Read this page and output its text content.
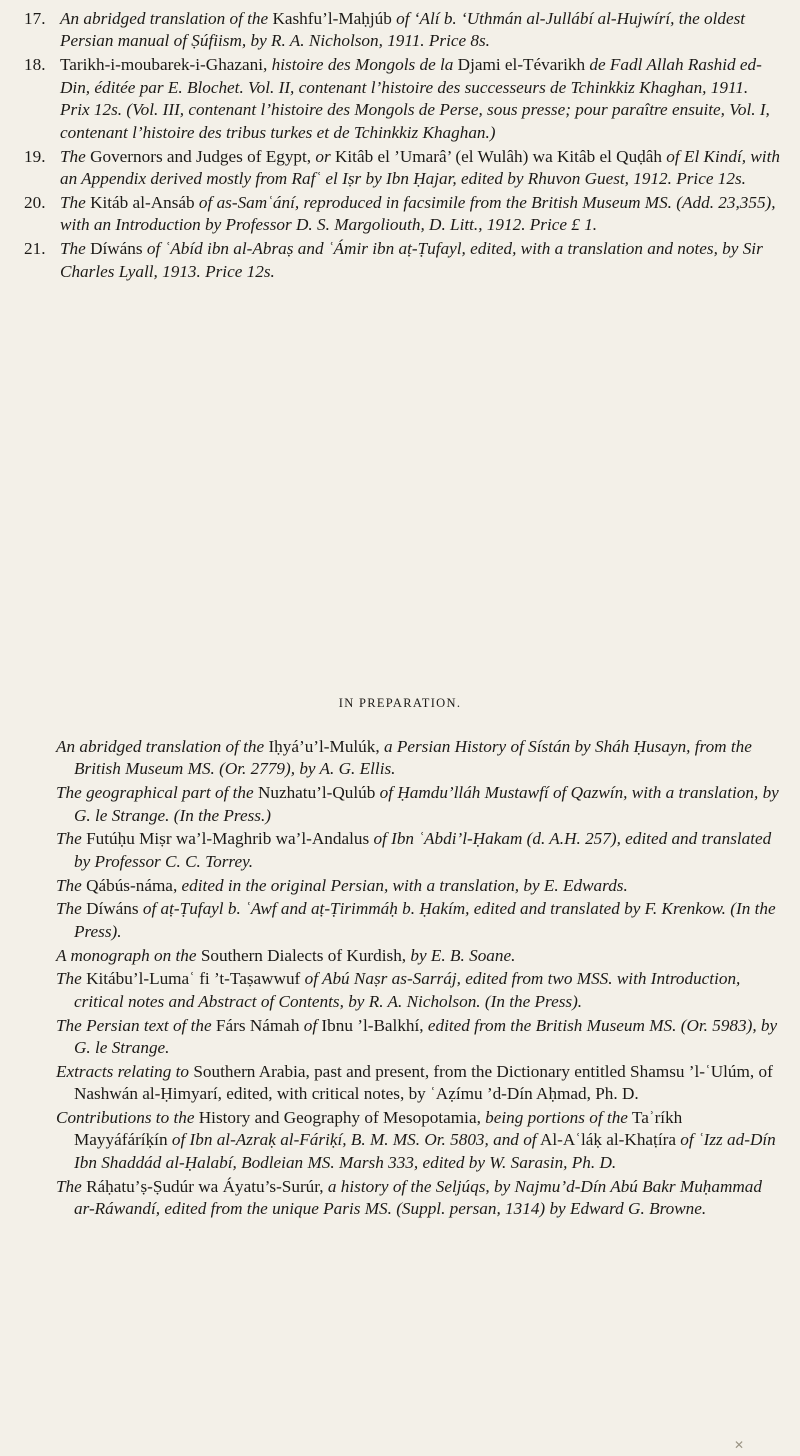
17. An abridged translation of the Kashfu’l-Maḥjúb of ‘Alí b. ‘Uthmán al-Jullábí al-Hujwírí, the oldest Persian manual of Ṣúfiism, by R. A. Nicholson, 1911. Price 8s.

18. Tarikh-i-moubarek-i-Ghazani, histoire des Mongols de la Djami el-Tévarikh de Fadl Allah Rashid ed-Din, éditée par E. Blochet. Vol. II, contenant l’histoire des successeurs de Tchinkkiz Khaghan, 1911. Prix 12s. (Vol. III, contenant l’histoire des Mongols de Perse, sous presse; pour paraître ensuite, Vol. I, contenant l’histoire des tribus turkes et de Tchinkkiz Khaghan.)

19. The Governors and Judges of Egypt, or Kitâb el ’Umarâ’ (el Wulâh) wa Kitâb el Quḍâh of El Kindí, with an Appendix derived mostly from Rafʿ el Iṣr by Ibn Ḥajar, edited by Rhuvon Guest, 1912. Price 12s.

20. The Kitáb al-Ansáb of as-Samʿání, reproduced in facsimile from the British Museum MS. (Add. 23,355), with an Introduction by Professor D. S. Margoliouth, D. Litt., 1912. Price £ 1.

21. The Díwáns of ʿAbíd ibn al-Abraṣ and ʿÁmir ibn aṭ-Ṭufayl, edited, with a translation and notes, by Sir Charles Lyall, 1913. Price 12s.

IN PREPARATION.

An abridged translation of the Iḥyá’u’l-Mulúk, a Persian History of Sístán by Sháh Ḥusayn, from the British Museum MS. (Or. 2779), by A. G. Ellis.

The geographical part of the Nuzhatu’l-Qulúb of Ḥamdu’lláh Mustawfí of Qazwín, with a translation, by G. le Strange. (In the Press.)

The Futúḥu Miṣr wa’l-Maghrib wa’l-Andalus of Ibn ʿAbdi’l-Ḥakam (d. A.H. 257), edited and translated by Professor C. C. Torrey.

The Qábús-náma, edited in the original Persian, with a translation, by E. Edwards.

The Díwáns of aṭ-Ṭufayl b. ʿAwf and aṭ-Ṭirimmáḥ b. Ḥakím, edited and translated by F. Krenkow. (In the Press).

A monograph on the Southern Dialects of Kurdish, by E. B. Soane.

The Kitábu’l-Lumaʿ fi ’t-Taṣawwuf of Abú Naṣr as-Sarráj, edited from two MSS. with Introduction, critical notes and Abstract of Contents, by R. A. Nicholson. (In the Press).

The Persian text of the Fárs Námah of Ibnu ’l-Balkhí, edited from the British Museum MS. (Or. 5983), by G. le Strange.

Extracts relating to Southern Arabia, past and present, from the Dictionary entitled Shamsu ’l-ʿUlúm, of Nashwán al-Ḥimyarí, edited, with critical notes, by ʿAẓímu ’d-Dín Aḥmad, Ph. D.

Contributions to the History and Geography of Mesopotamia, being portions of the Taʾríkh Mayyáfáríḳín of Ibn al-Azraḳ al-Fáriḳí, B. M. MS. Or. 5803, and of Al-Aʿláḳ al-Khaṭíra of ʿIzz ad-Dín Ibn Shaddád al-Ḥalabí, Bodleian MS. Marsh 333, edited by W. Sarasin, Ph. D.

The Ráḥatu’ṣ-Ṣudúr wa Áyatu’s-Surúr, a history of the Seljúqs, by Najmu’d-Dín Abú Bakr Muḥammad ar-Ráwandí, edited from the unique Paris MS. (Suppl. persan, 1314) by Edward G. Browne.

✕
